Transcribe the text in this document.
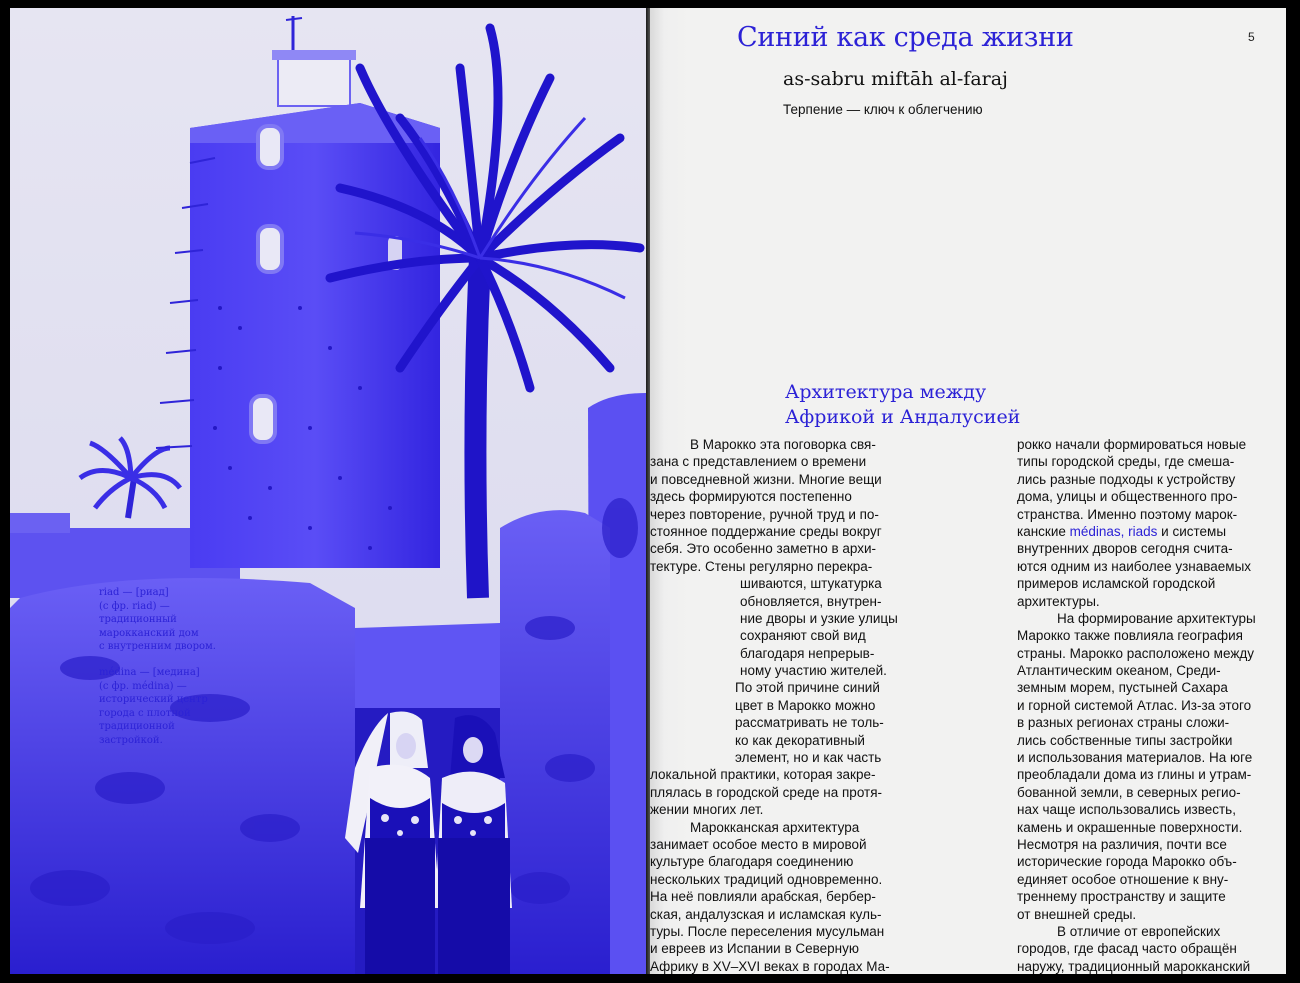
5
Синий как среда жизни
as-sabru miftāh al-faraj
Терпение — ключ к облегчению
Архитектура между
Африкой и Андалусией
В Марокко эта поговорка свя-
зана с представлением о времени
и повседневной жизни. Многие вещи
здесь формируются постепенно
через повторение, ручной труд и по-
стоянное поддержание среды вокруг
себя. Это особенно заметно в архи-
тектуре. Стены регулярно перекра-
шиваются, штукатурка
обновляется, внутрен-
ние дворы и узкие улицы
сохраняют свой вид
благодаря непрерыв-
ному участию жителей.
По этой причине синий
цвет в Марокко можно
рассматривать не толь-
ко как декоративный
элемент, но и как часть
локальной практики, которая закре-
плялась в городской среде на протя-
жении многих лет.
Марокканская архитектура
занимает особое место в мировой
культуре благодаря соединению
нескольких традиций одновременно.
На неё повлияли арабская, бербер-
ская, андалузская и исламская куль-
туры. После переселения мусульман
и евреев из Испании в Северную
Африку в XV–XVI веках в городах Ма-
рокко начали формироваться новые
типы городской среды, где смеша-
лись разные подходы к устройству
дома, улицы и общественного про-
странства. Именно поэтому марок-
канские médinas, riads и системы
внутренних дворов сегодня счита-
ются одним из наиболее узнаваемых
примеров исламской городской
архитектуры.
На формирование архитектуры
Марокко также повлияла география
страны. Марокко расположено между
Атлантическим океаном, Среди-
земным морем, пустыней Сахара
и горной системой Атлас. Из-за этого
в разных регионах страны сложи-
лись собственные типы застройки
и использования материалов. На юге
преобладали дома из глины и утрам-
бованной земли, в северных регио-
нах чаще использовались известь,
камень и окрашенные поверхности.
Несмотря на различия, почти все
исторические города Марокко объ-
единяет особое отношение к вну-
треннему пространству и защите
от внешней среды.
В отличие от европейских
городов, где фасад часто обращён
наружу, традиционный марокканский
riad — [риад]
(с фр. riad) —
традиционный
марокканский дом
с внутренним двором.
médina — [медина]
(с фр. médina) —
исторический центр
города с плотной
традиционной
застройкой.
